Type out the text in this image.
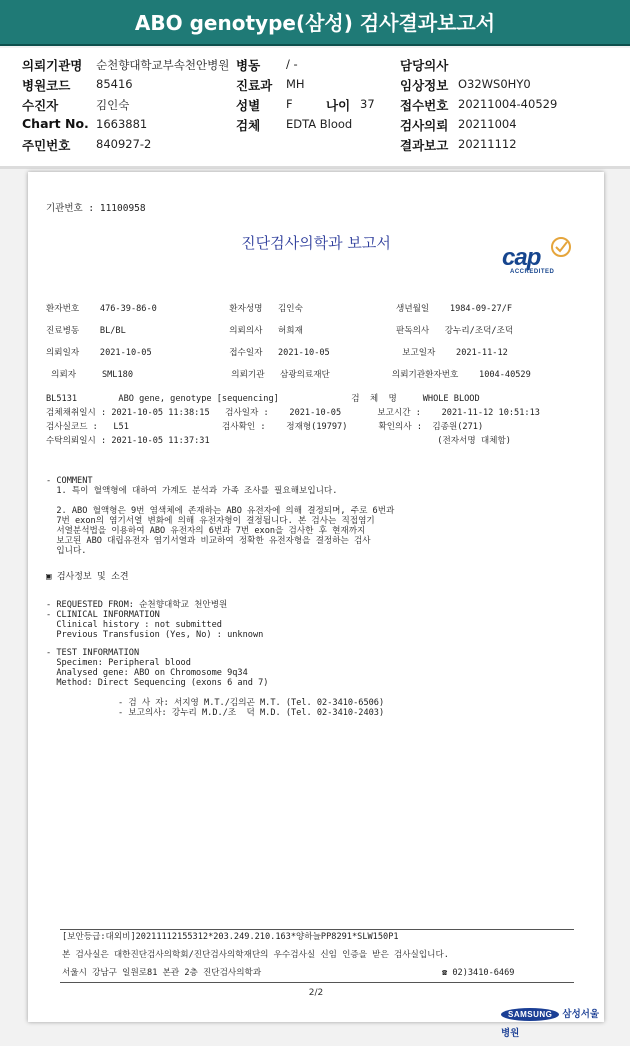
ABO genotype(삼성) 검사결과보고서
의뢰기관명 순천향대학교부속천안병원 병동 / -	담당의사
병원코드 85416	진료과 MH	임상정보 O32WS0HY0
수진자	김인숙	성별 F	나이 37 접수번호 20211004-40529
Chart No. 1663881	검체 EDTA Blood	검사의뢰 20211004
주민번호 840927-2	결과보고 20211112
기관번호 : 11100958
진단검사의학과 보고서
cap
ACCREDITED
환자번호    476-39-86-0              환자성명   김인숙                  생년월일    1984-09-27/F
진료병동    BL/BL                    의뢰의사   허희재                  판독의사   강누리/조덕/조덕
의뢰일자    2021-10-05               접수일자   2021-10-05              보고일자    2021-11-12
의뢰자     SML180                   의뢰기관   삼광의료재단            의뢰기관환자번호    1004-40529
BL5131        ABO gene, genotype [sequencing]              검  체  명     WHOLE BLOOD
검체채취일시 : 2021-10-05 11:38:15   검사일자 :    2021-10-05       보고시간 :    2021-11-12 10:51:13
검사실코드 :   L51                  검사확인 :    정재형(19797)      확인의사 :  김종원(271)
수탁의뢰일시 : 2021-10-05 11:37:31                                            (전자서명 대체함)
- COMMENT
1. 특이 혈액형에 대하여 가계도 분석과 가족 조사를 필요해보입니다.

2. ABO 혈액형은 9번 염색체에 존재하는 ABO 유전자에 의해 결정되며, 주로 6번과
7번 exon의 염기서열 변화에 의해 유전자형이 결정됩니다. 본 검사는 직접염기
서열분석법을 이용하여 ABO 유전자의 6번과 7번 exon을 검사한 후 현재까지
보고된 ABO 대립유전자 염기서열과 비교하여 정확한 유전자형을 결정하는 검사
입니다.
▣ 검사정보 및 소견
- REQUESTED FROM: 순천향대학교 천안병원
- CLINICAL INFORMATION
Clinical history : not submitted
Previous Transfusion (Yes, No) : unknown
- TEST INFORMATION
Specimen: Peripheral blood
Analysed gene: ABO on Chromosome 9q34
Method: Direct Sequencing (exons 6 and 7)
- 검 사 자: 서지영 M.T./김의곤 M.T. (Tel. 02-3410-6506)
- 보고의사: 강누리 M.D./조  덕 M.D. (Tel. 02-3410-2403)
[보안등급:대외비]20211112155312*203.249.210.163*양하늘PP8291*SLW150P1
본 검사실은 대한진단검사의학회/진단검사의학재단의 우수검사실 신임 인증을 받은 검사실입니다.
서울시 강남구 일원로81 본관 2층 진단검사의학과	☎ 02)3410-6469
2/2
SAMSUNG 삼성서울병원
